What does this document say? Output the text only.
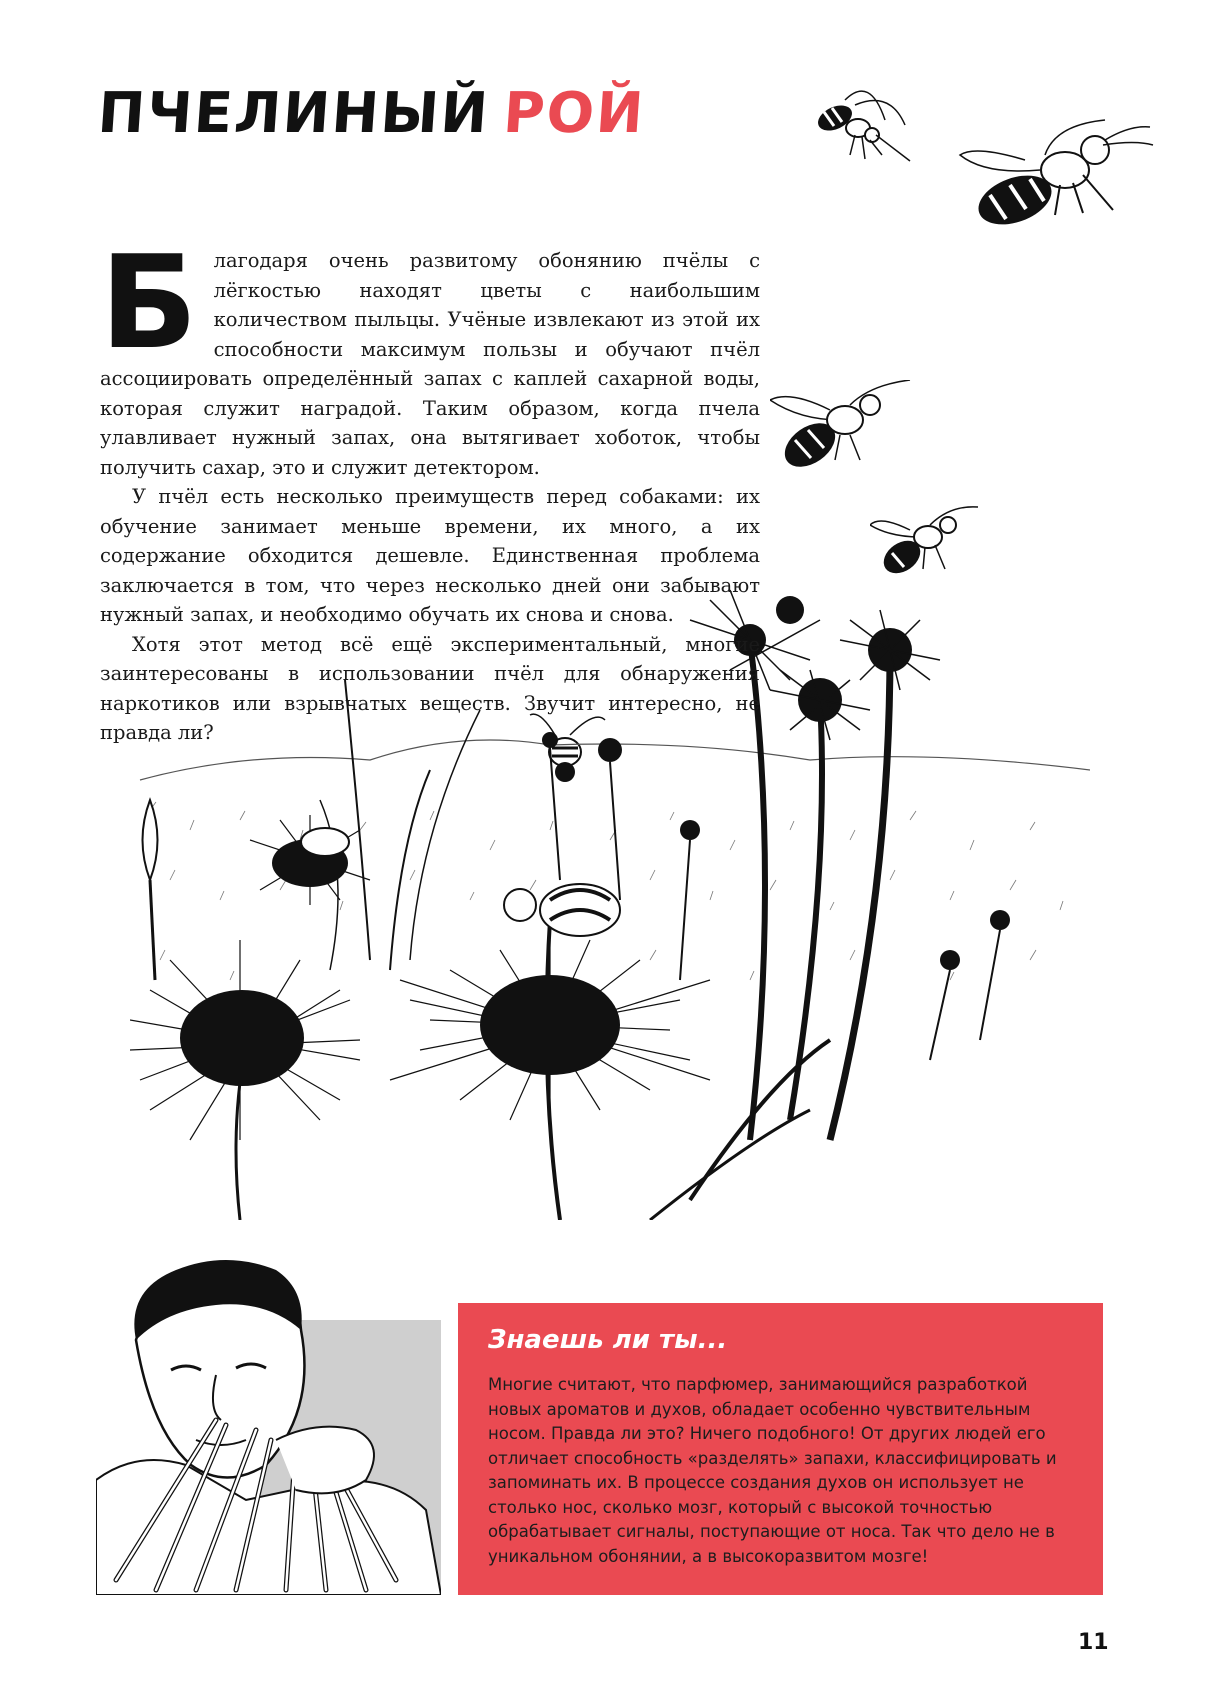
ПЧЕЛИНЫЙ РОЙ

Благодаря очень развитому обонянию пчёлы с лёгкостью находят цветы с наибольшим количеством пыльцы. Учёные извлекают из этой их способности максимум пользы и обучают пчёл ассоциировать определённый запах с каплей сахарной воды, которая служит наградой. Таким образом, когда пчела улавливает нужный запах, она вытягивает хоботок, чтобы получить сахар, это и служит детектором.

У пчёл есть несколько преимуществ перед собаками: их обучение занимает меньше времени, их много, а их содержание обходится дешевле. Единственная проблема заключается в том, что через несколько дней они забывают нужный запах, и необходимо обучать их снова и снова.

Хотя этот метод всё ещё экспериментальный, многие заинтересованы в использовании пчёл для обнаружения наркотиков или взрывчатых веществ. Звучит интересно, не правда ли?

Знаешь ли ты...

Многие считают, что парфюмер, занимающийся разработкой новых ароматов и духов, обладает особенно чувствительным носом. Правда ли это? Ничего подобного! От других людей его отличает способность «разделять» запахи, классифицировать и запоминать их. В процессе создания духов он использует не столько нос, сколько мозг, который с высокой точностью обрабатывает сигналы, поступающие от носа. Так что дело не в уникальном обонянии, а в высокоразвитом мозге!

11
